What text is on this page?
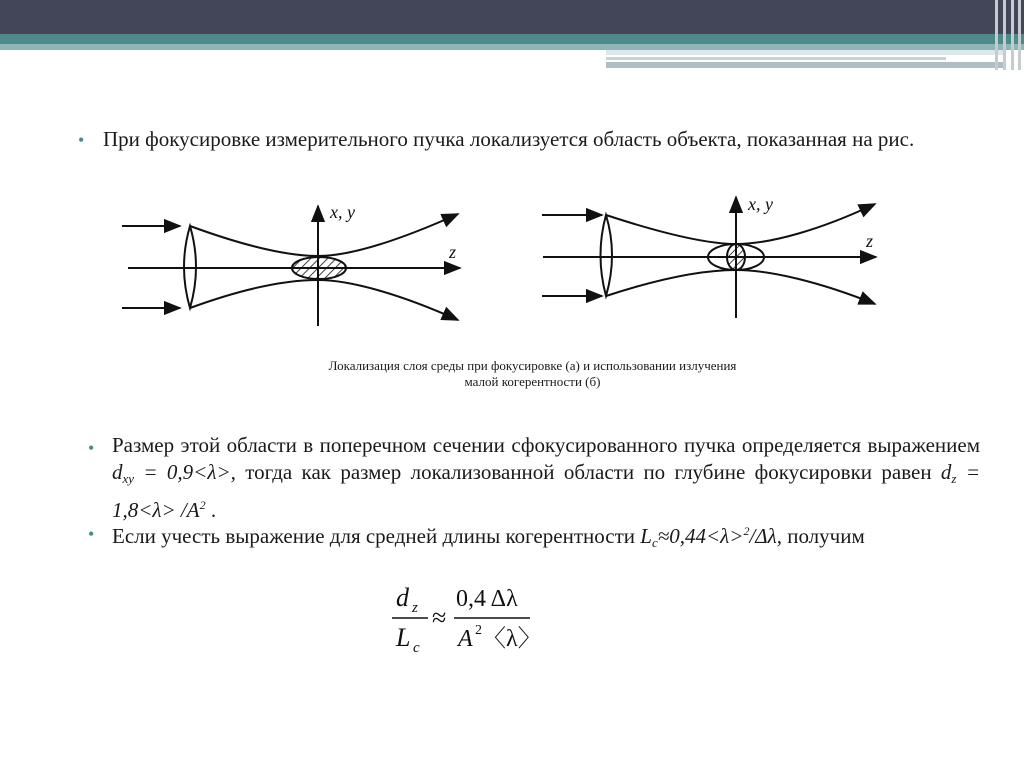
• При фокусировке измерительного пучка локализуется область объекта, показанная на рис.
x, y
z
x, y
z
Локализация слоя среды при фокусировке (а) и использовании излучения
малой когерентности (б)
• Размер этой области в поперечном сечении сфокусированного пучка определяется выражением $d_{xy} = 0,9<\lambda>$, тогда как размер локализованной области по глубине фокусировки равен $d_z = 1,8<\lambda> /A^2$ .
• Если учесть выражение для средней длины когерентности $L_c\approx 0,44<\lambda>^2/\Delta\lambda$, получим
d z
L c
≈
0,4 Δλ
A 2 〈λ〉
